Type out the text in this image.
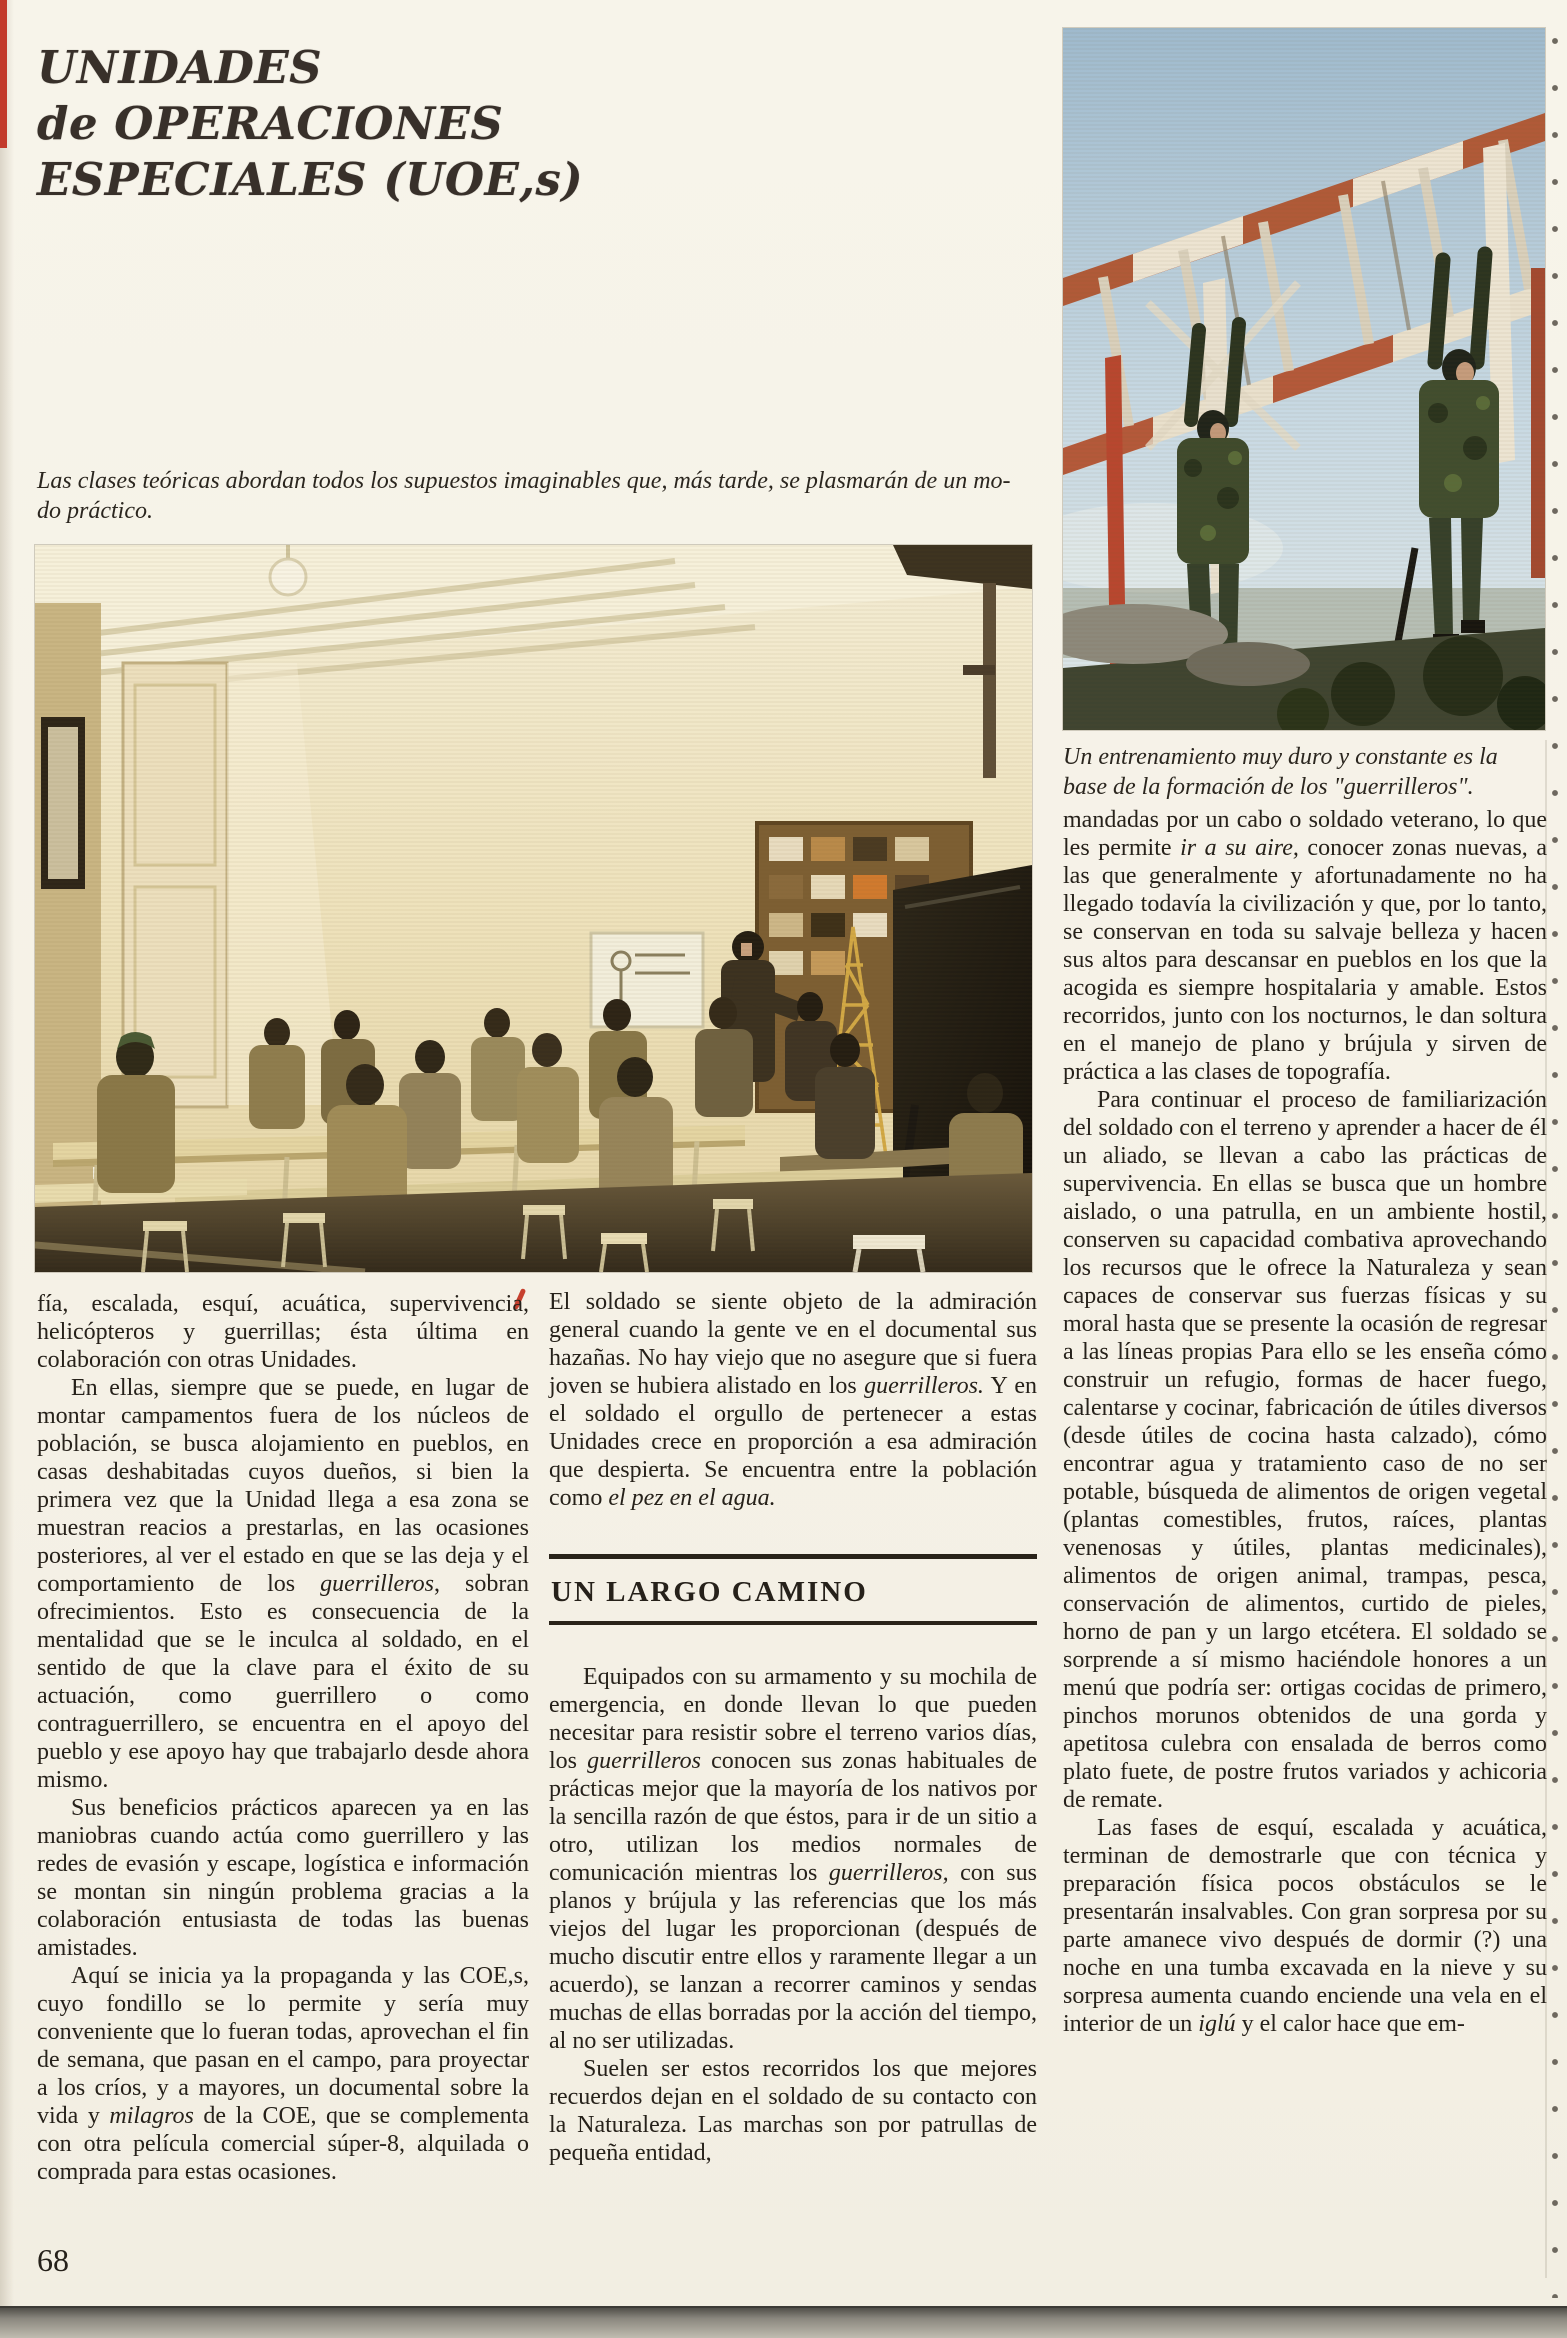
UNIDADES
de OPERACIONES
ESPECIALES (UOE,s)
Un entrenamiento muy duro y constante es la
base de la formación de los "guerrilleros".
Las clases teóricas abordan todos los supuestos imaginables que, más tarde, se plasmarán de un mo-
do práctico.

fía, escalada, esquí, acuática, supervivencia, helicópteros y guerrillas; ésta última en colaboración con otras Unidades.

En ellas, siempre que se puede, en lugar de montar campamentos fuera de los núcleos de población, se busca alojamiento en pueblos, en casas deshabitadas cuyos dueños, si bien la primera vez que la Unidad llega a esa zona se muestran reacios a prestarlas, en las ocasiones posteriores, al ver el estado en que se las deja y el comportamiento de los guerrilleros, sobran ofrecimientos. Esto es consecuencia de la mentalidad que se le inculca al soldado, en el sentido de que la clave para el éxito de su actuación, como guerrillero o como contraguerrillero, se encuentra en el apoyo del pueblo y ese apoyo hay que trabajarlo desde ahora mismo.

Sus beneficios prácticos aparecen ya en las maniobras cuando actúa como guerrillero y las redes de evasión y escape, logística e información se montan sin ningún problema gracias a la colaboración entusiasta de todas las buenas amistades.

Aquí se inicia ya la propaganda y las COE,s, cuyo fondillo se lo permite y sería muy conveniente que lo fueran todas, aprovechan el fin de semana, que pasan en el campo, para proyectar a los críos, y a mayores, un documental sobre la vida y milagros de la COE, que se complementa con otra película comercial súper-8, alquilada o comprada para estas ocasiones.

El soldado se siente objeto de la admiración general cuando la gente ve en el documental sus hazañas. No hay viejo que no asegure que si fuera joven se hubiera alistado en los guerrilleros. Y en el soldado el orgullo de pertenecer a estas Unidades crece en proporción a esa admiración que despierta. Se encuentra entre la población como el pez en el agua.

UN LARGO CAMINO

Equipados con su armamento y su mochila de emergencia, en donde llevan lo que pueden necesitar para resistir sobre el terreno varios días, los guerrilleros conocen sus zonas habituales de prácticas mejor que la mayoría de los nativos por la sencilla razón de que éstos, para ir de un sitio a otro, utilizan los medios normales de comunicación mientras los guerrilleros, con sus planos y brújula y las referencias que los más viejos del lugar les proporcionan (después de mucho discutir entre ellos y raramente llegar a un acuerdo), se lanzan a recorrer caminos y sendas muchas de ellas borradas por la acción del tiempo, al no ser utilizadas.

Suelen ser estos recorridos los que mejores recuerdos dejan en el soldado de su contacto con la Naturaleza. Las marchas son por patrullas de pequeña entidad,

mandadas por un cabo o soldado veterano, lo que les permite ir a su aire, conocer zonas nuevas, a las que generalmente y afortunadamente no ha llegado todavía la civilización y que, por lo tanto, se conservan en toda su salvaje belleza y hacen sus altos para descansar en pueblos en los que la acogida es siempre hospitalaria y amable. Estos recorridos, junto con los nocturnos, le dan soltura en el manejo de plano y brújula y sirven de práctica a las clases de topografía.

Para continuar el proceso de familiarización del soldado con el terreno y aprender a hacer de él un aliado, se llevan a cabo las prácticas de supervivencia. En ellas se busca que un hombre aislado, o una patrulla, en un ambiente hostil, conserven su capacidad combativa aprovechando los recursos que le ofrece la Naturaleza y sean capaces de conservar sus fuerzas físicas y su moral hasta que se presente la ocasión de regresar a las líneas propias Para ello se les enseña cómo construir un refugio, formas de hacer fuego, calentarse y cocinar, fabricación de útiles diversos (desde útiles de cocina hasta calzado), cómo encontrar agua y tratamiento caso de no ser potable, búsqueda de alimentos de origen vegetal (plantas comestibles, frutos, raíces, plantas venenosas y útiles, plantas medicinales), alimentos de origen animal, trampas, pesca, conservación de alimentos, curtido de pieles, horno de pan y un largo etcétera. El soldado se sorprende a sí mismo haciéndole honores a un menú que podría ser: ortigas cocidas de primero, pinchos morunos obtenidos de una gorda y apetitosa culebra con ensalada de berros como plato fuete, de postre frutos variados y achicoria de remate.

Las fases de esquí, escalada y acuática, terminan de demostrarle que con técnica y preparación física pocos obstáculos se le presentarán insalvables. Con gran sorpresa por su parte amanece vivo después de dormir (?) una noche en una tumba excavada en la nieve y su sorpresa aumenta cuando enciende una vela en el interior de un iglú y el calor hace que em-

68
